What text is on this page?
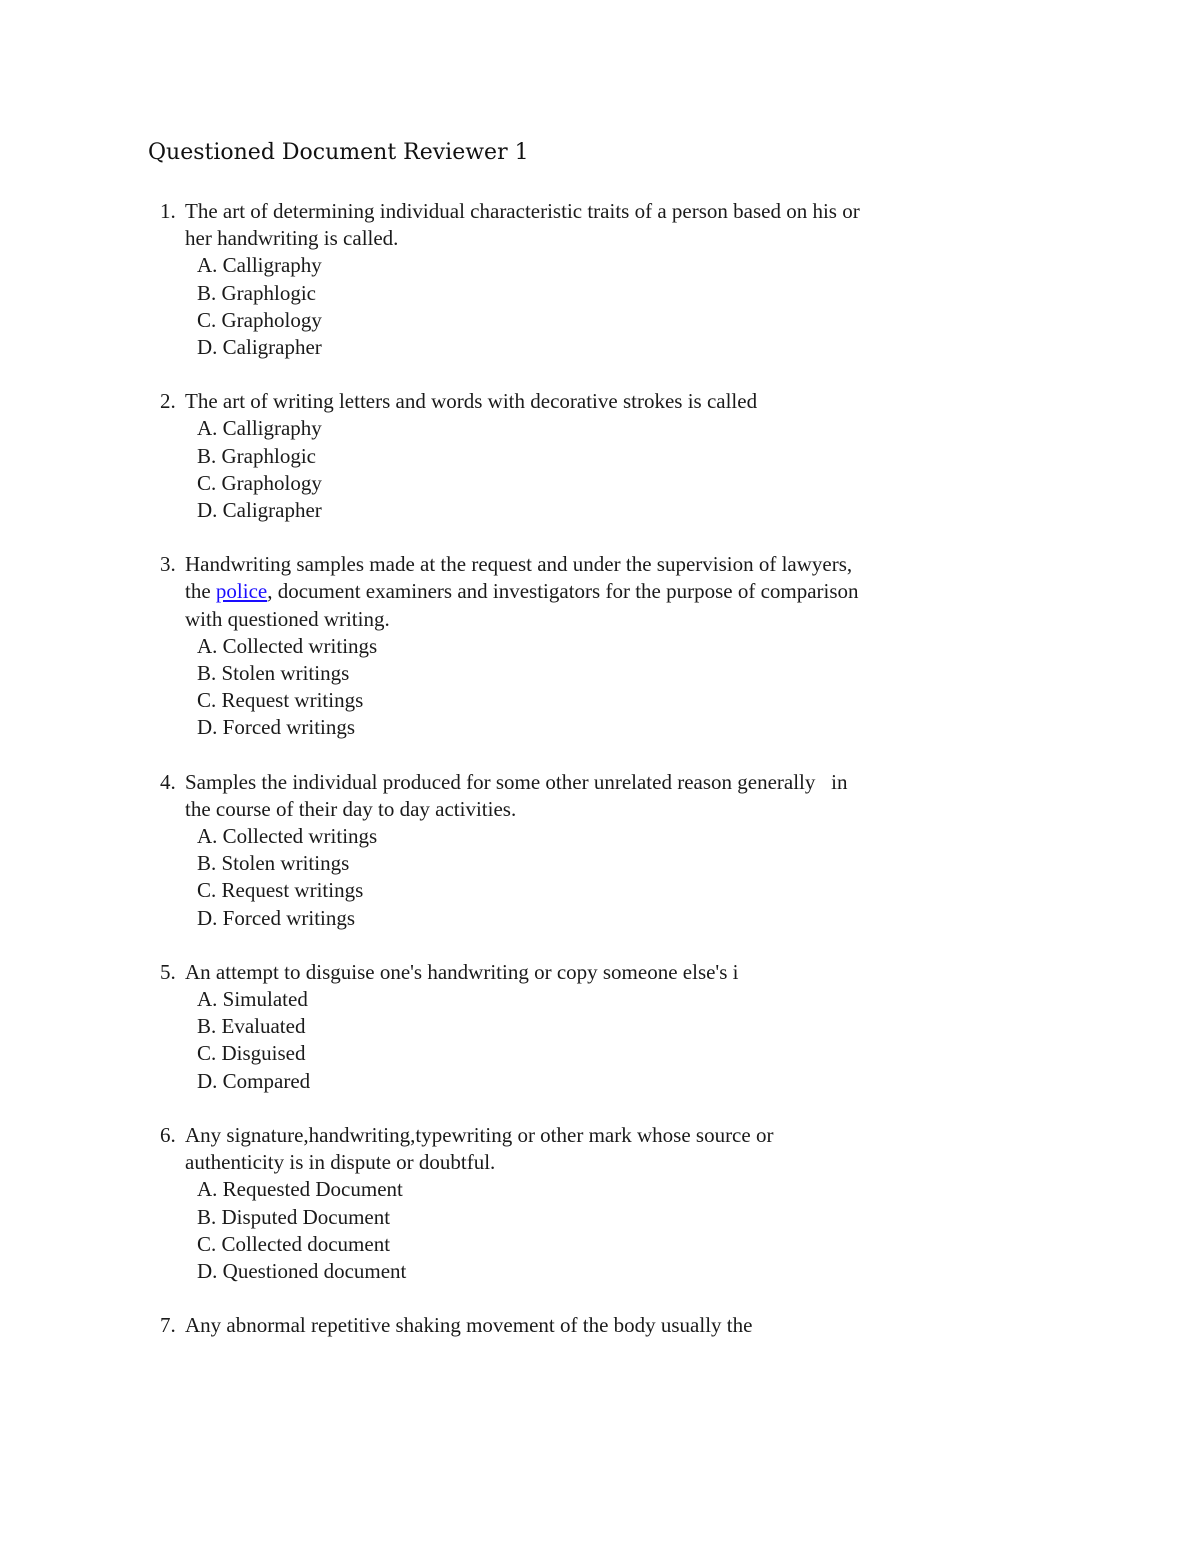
Questioned Document Reviewer 1
1. The art of determining individual characteristic traits of a person based on his or her handwriting is called.
A. Calligraphy
B. Graphlogic
C. Graphology
D. Caligrapher
2. The art of writing letters and words with decorative strokes is called
A. Calligraphy
B. Graphlogic
C. Graphology
D. Caligrapher
3. Handwriting samples made at the request and under the supervision of lawyers, the police, document examiners and investigators for the purpose of comparison with questioned writing.
A. Collected writings
B. Stolen writings
C. Request writings
D. Forced writings
4. Samples the individual produced for some other unrelated reason generally   in the course of their day to day activities.
A. Collected writings
B. Stolen writings
C. Request writings
D. Forced writings
5. An attempt to disguise one's handwriting or copy someone else's i
A. Simulated
B. Evaluated
C. Disguised
D. Compared
6. Any signature,handwriting,typewriting or other mark whose source or authenticity is in dispute or doubtful.
A. Requested Document
B. Disputed Document
C. Collected document
D. Questioned document
7. Any abnormal repetitive shaking movement of the body usually the
